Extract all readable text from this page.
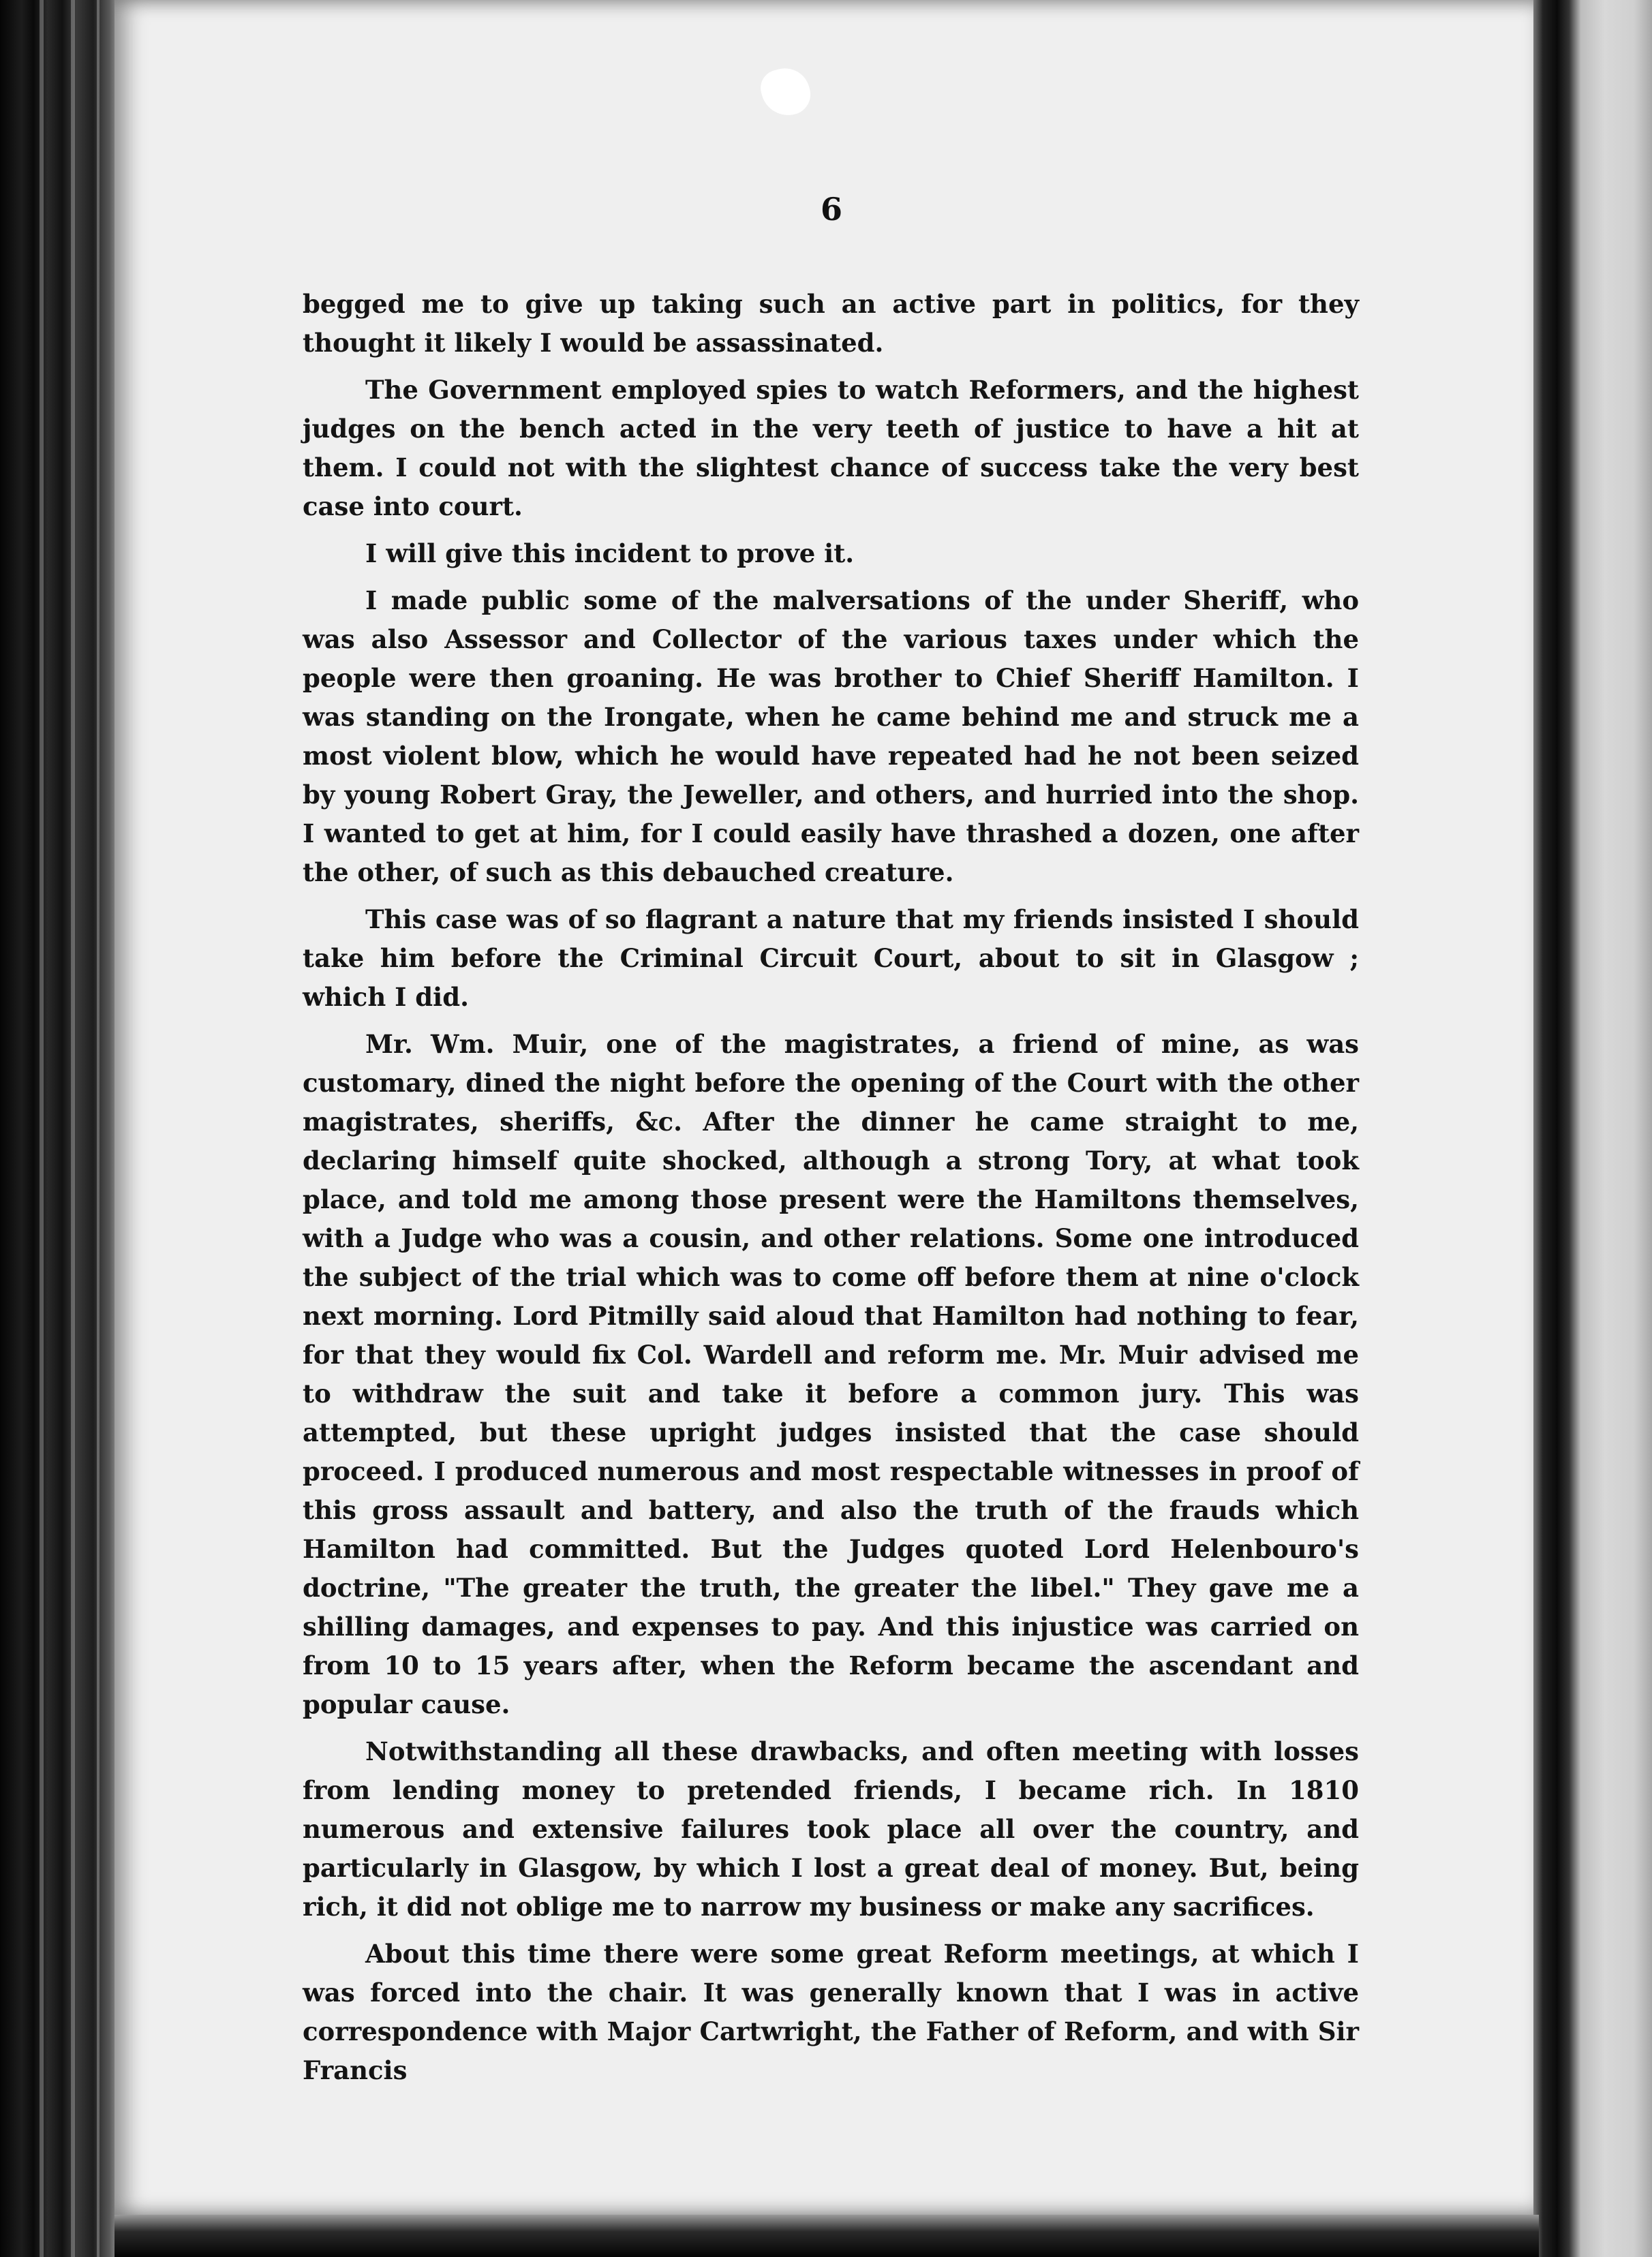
6

begged me to give up taking such an active part in politics, for they thought it likely I would be assassinated.

The Government employed spies to watch Reformers, and the highest judges on the bench acted in the very teeth of justice to have a hit at them. I could not with the slightest chance of success take the very best case into court.

I will give this incident to prove it.

I made public some of the malversations of the under Sheriff, who was also Assessor and Collector of the various taxes under which the people were then groaning. He was brother to Chief Sheriff Hamilton. I was standing on the Irongate, when he came behind me and struck me a most violent blow, which he would have repeated had he not been seized by young Robert Gray, the Jeweller, and others, and hurried into the shop. I wanted to get at him, for I could easily have thrashed a dozen, one after the other, of such as this debauched creature.

This case was of so flagrant a nature that my friends insisted I should take him before the Criminal Circuit Court, about to sit in Glasgow ; which I did.

Mr. Wm. Muir, one of the magistrates, a friend of mine, as was customary, dined the night before the opening of the Court with the other magistrates, sheriffs, &c. After the dinner he came straight to me, declaring himself quite shocked, although a strong Tory, at what took place, and told me among those present were the Hamiltons themselves, with a Judge who was a cousin, and other relations. Some one introduced the subject of the trial which was to come off before them at nine o'clock next morning. Lord Pitmilly said aloud that Hamilton had nothing to fear, for that they would fix Col. Wardell and reform me. Mr. Muir advised me to withdraw the suit and take it before a common jury. This was attempted, but these upright judges insisted that the case should proceed. I produced numerous and most respectable witnesses in proof of this gross assault and battery, and also the truth of the frauds which Hamilton had committed. But the Judges quoted Lord Helenbouro's doctrine, "The greater the truth, the greater the libel." They gave me a shilling damages, and expenses to pay. And this injustice was carried on from 10 to 15 years after, when the Reform became the ascendant and popular cause.

Notwithstanding all these drawbacks, and often meeting with losses from lending money to pretended friends, I became rich. In 1810 numerous and extensive failures took place all over the country, and particularly in Glasgow, by which I lost a great deal of money. But, being rich, it did not oblige me to narrow my business or make any sacrifices.

About this time there were some great Reform meetings, at which I was forced into the chair. It was generally known that I was in active correspondence with Major Cartwright, the Father of Reform, and with Sir Francis
